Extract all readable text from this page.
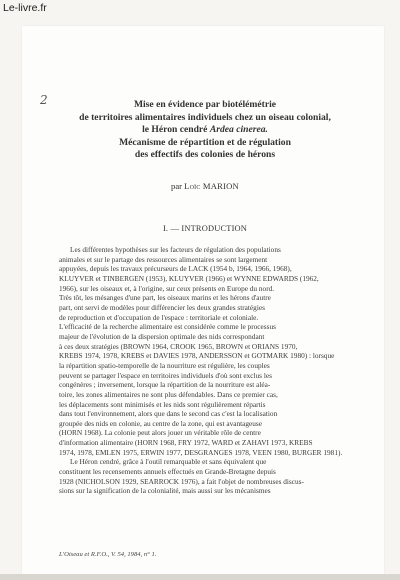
Le-livre.fr
2	Mise en évidence par biotélémétrie
de territoires alimentaires individuels chez un oiseau colonial,
le Héron cendré Ardea cinerea.
Mécanisme de répartition et de régulation
des effectifs des colonies de hérons
par Loïc MARION
I. — INTRODUCTION
Les différentes hypothèses sur les facteurs de régulation des populations
animales et sur le partage des ressources alimentaires se sont largement
appuyées, depuis les travaux précurseurs de LACK (1954 b, 1964, 1966, 1968),
KLUYVER et TINBERGEN (1953), KLUYVER (1966) et WYNNE EDWARDS (1962,
1966), sur les oiseaux et, à l'origine, sur ceux présents en Europe du nord.
Très tôt, les mésanges d'une part, les oiseaux marins et les hérons d'autre
part, ont servi de modèles pour différencier les deux grandes stratégies
de reproduction et d'occupation de l'espace : territoriale et coloniale.
L'efficacité de la recherche alimentaire est considérée comme le processus
majeur de l'évolution de la dispersion optimale des nids correspondant
à ces deux stratégies (BROWN 1964, CROOK 1965, BROWN et ORIANS 1970,
KREBS 1974, 1978, KREBS et DAVIES 1978, ANDERSSON et GOTMARK 1980) : lorsque
la répartition spatio-temporelle de la nourriture est régulière, les couples
peuvent se partager l'espace en territoires individuels d'où sont exclus les
congénères ; inversement, lorsque la répartition de la nourriture est aléa-
toire, les zones alimentaires ne sont plus défendables. Dans ce premier cas,
les déplacements sont minimisés et les nids sont régulièrement répartis
dans tout l'environnement, alors que dans le second cas c'est la localisation
groupée des nids en colonie, au centre de la zone, qui est avantageuse
(HORN 1968). La colonie peut alors jouer un véritable rôle de centre
d'information alimentaire (HORN 1968, FRY 1972, WARD et ZAHAVI 1973, KREBS
1974, 1978, EMLEN 1975, ERWIN 1977, DESGRANGES 1978, VEEN 1980, BURGER 1981).
Le Héron cendré, grâce à l'outil remarquable et sans équivalent que
constituent les recensements annuels effectués en Grande-Bretagne depuis
1928 (NICHOLSON 1929, SEARROCK 1976), a fait l'objet de nombreuses discus-
sions sur la signification de la colonialité, mais aussi sur les mécanismes
L'Oiseau et R.F.O., V. 54, 1984, n° 1.
